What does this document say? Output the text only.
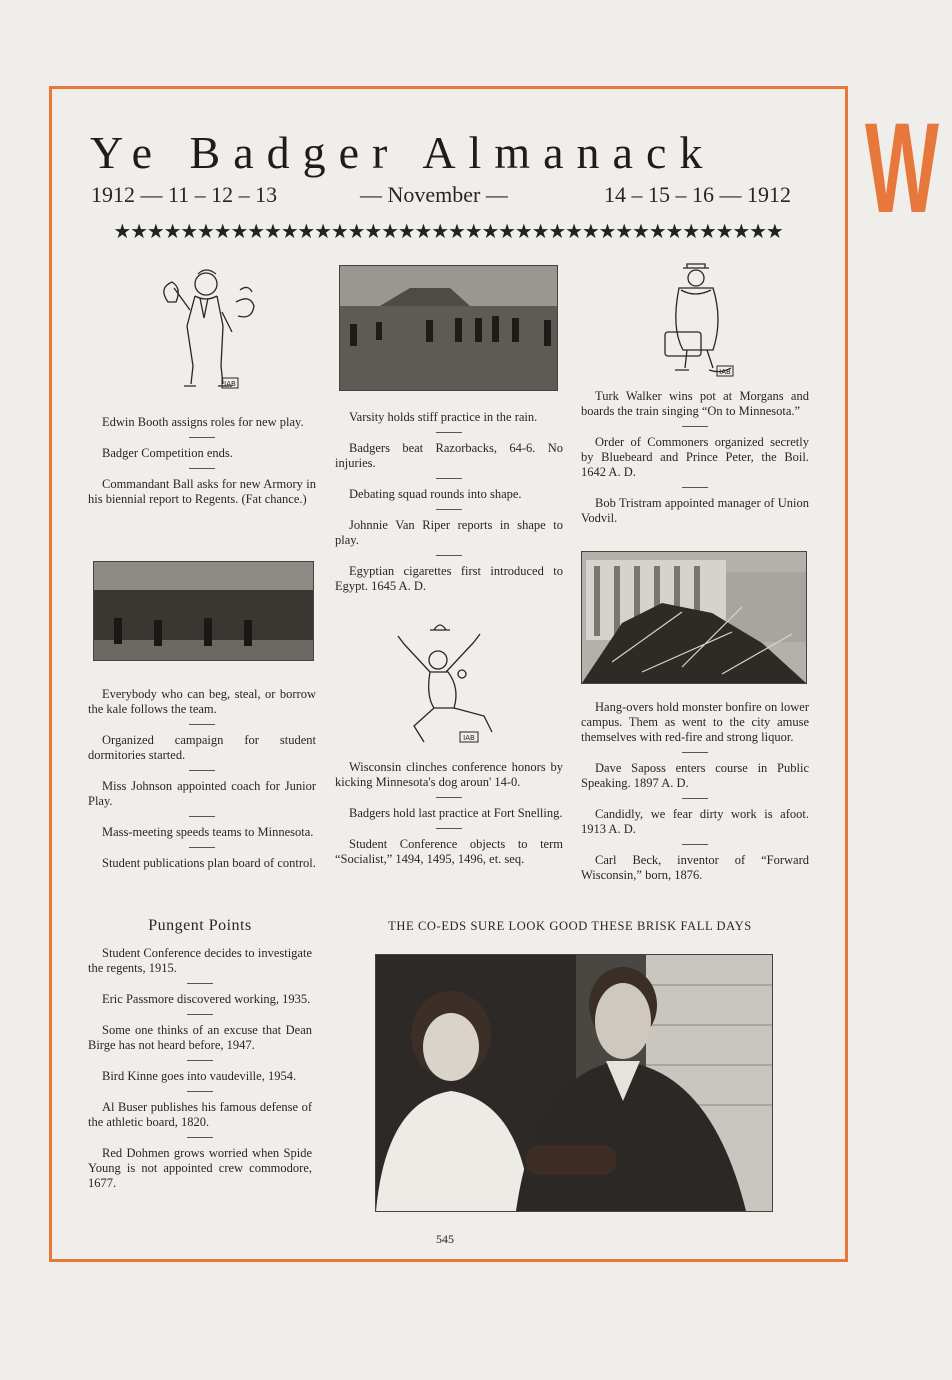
W
Ye Badger Almanack
1912 — 11 – 12 – 13	— November —	14 – 15 – 16 — 1912
★★★★★★★★★★★★★★★★★★★★★★★★★★★★★★★★★★★★★★★★
IAB
IAB

Edwin Booth assigns roles for new play.

Badger Competition ends.

Commandant Ball asks for new Armory in his biennial report to Regents. (Fat chance.)

Everybody who can beg, steal, or borrow the kale follows the team.

Organized campaign for student dormitories started.

Miss Johnson appointed coach for Junior Play.

Mass-meeting speeds teams to Minnesota.

Student publications plan board of control.

Varsity holds stiff practice in the rain.

Badgers beat Razorbacks, 64-6. No injuries.

Debating squad rounds into shape.

Johnnie Van Riper reports in shape to play.

Egyptian cigarettes first introduced to Egypt. 1645 A. D.

IAB

Wisconsin clinches conference honors by kicking Minnesota's dog aroun' 14-0.

Badgers hold last practice at Fort Snelling.

Student Conference objects to term “Socialist,” 1494, 1495, 1496, et. seq.

Turk Walker wins pot at Morgans and boards the train singing “On to Minnesota.”

Order of Commoners organized secretly by Bluebeard and Prince Peter, the Boil. 1642 A. D.

Bob Tristram appointed manager of Union Vodvil.

Hang-overs hold monster bonfire on lower campus. Them as went to the city amuse themselves with red-fire and strong liquor.

Dave Saposs enters course in Public Speaking. 1897 A. D.

Candidly, we fear dirty work is afoot. 1913 A. D.

Carl Beck, inventor of “Forward Wisconsin,” born, 1876.

Pungent Points

Student Conference decides to investigate the regents, 1915.

Eric Passmore discovered working, 1935.

Some one thinks of an excuse that Dean Birge has not heard before, 1947.

Bird Kinne goes into vaudeville, 1954.

Al Buser publishes his famous defense of the athletic board, 1820.

Red Dohmen grows worried when Spide Young is not appointed crew commodore, 1677.

THE CO-EDS SURE LOOK GOOD THESE BRISK FALL DAYS
545
